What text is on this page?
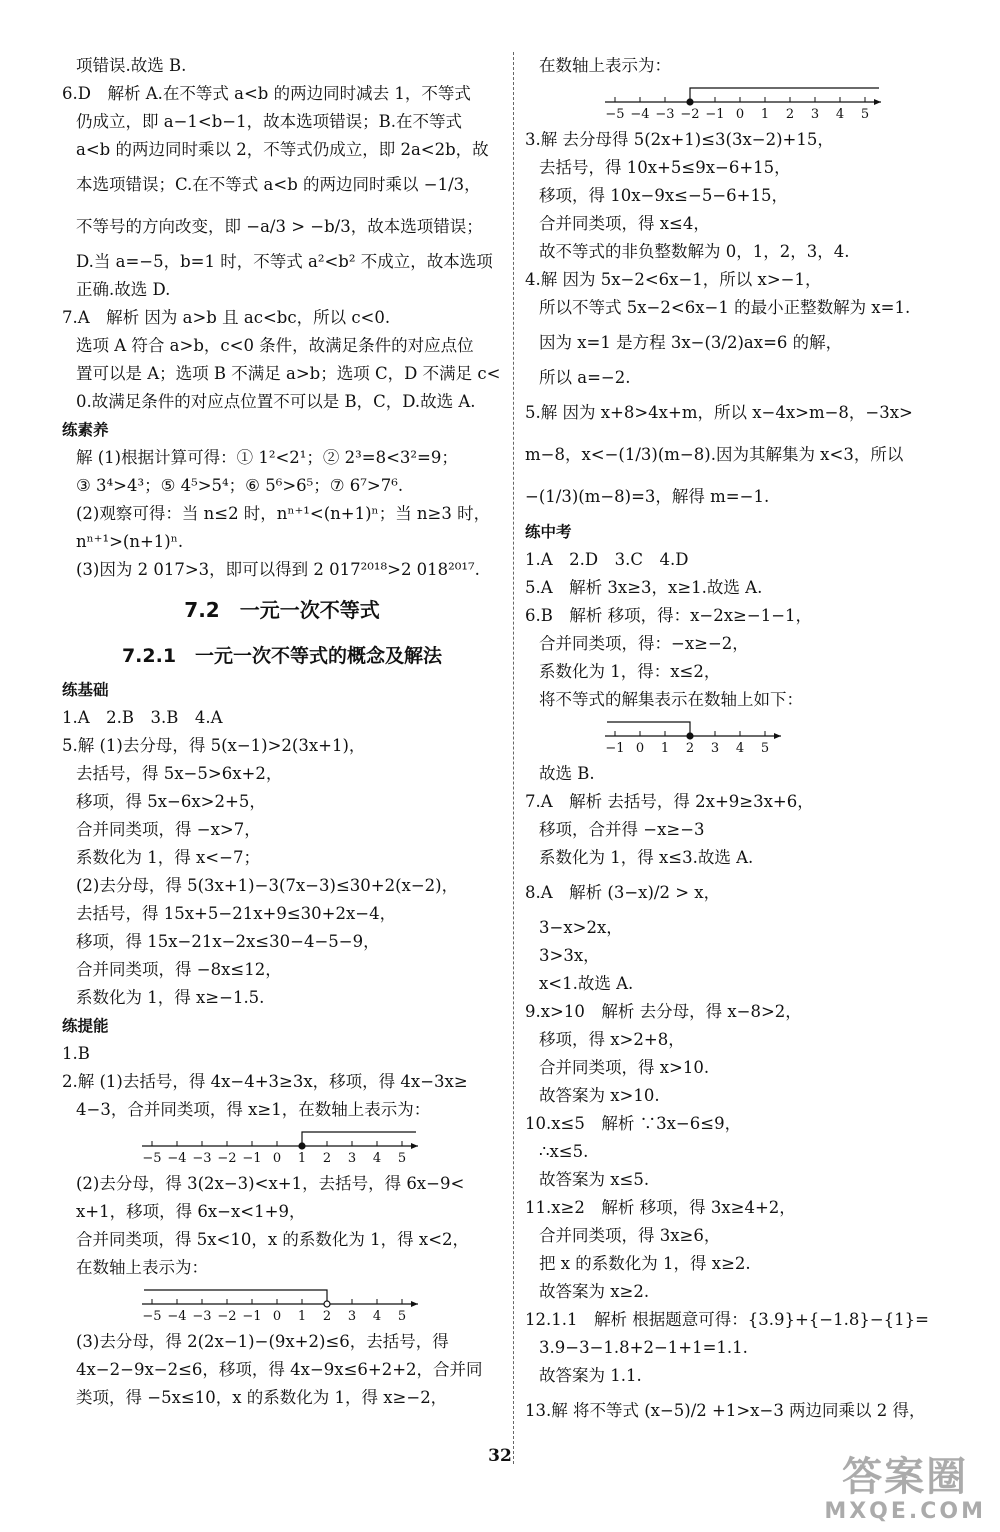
项错误.故选 B.
6.D　解析 A.在不等式 a<b 的两边同时减去 1，不等式
仍成立，即 a−1<b−1，故本选项错误；B.在不等式
a<b 的两边同时乘以 2，不等式仍成立，即 2a<2b，故
本选项错误；C.在不等式 a<b 的两边同时乘以 −1/3，
不等号的方向改变，即 −a/3 > −b/3，故本选项错误；
D.当 a=−5，b=1 时，不等式 a²<b² 不成立，故本选项
正确.故选 D.
7.A　解析 因为 a>b 且 ac<bc，所以 c<0.
选项 A 符合 a>b，c<0 条件，故满足条件的对应点位
置可以是 A；选项 B 不满足 a>b；选项 C，D 不满足 c<
0.故满足条件的对应点位置不可以是 B，C，D.故选 A.
练素养
解 (1)根据计算可得：① 1²<2¹；② 2³=8<3²=9；
③ 3⁴>4³；⑤ 4⁵>5⁴；⑥ 5⁶>6⁵；⑦ 6⁷>7⁶.
(2)观察可得：当 n≤2 时，nⁿ⁺¹<(n+1)ⁿ；当 n≥3 时，
nⁿ⁺¹>(n+1)ⁿ.
(3)因为 2 017>3，即可以得到 2 017²⁰¹⁸>2 018²⁰¹⁷.
7.2　一元一次不等式
7.2.1　一元一次不等式的概念及解法
练基础
1.A　2.B　3.B　4.A
5.解 (1)去分母，得 5(x−1)>2(3x+1)，
去括号，得 5x−5>6x+2，
移项，得 5x−6x>2+5，
合并同类项，得 −x>7，
系数化为 1，得 x<−7；
(2)去分母，得 5(3x+1)−3(7x−3)≤30+2(x−2)，
去括号，得 15x+5−21x+9≤30+2x−4，
移项，得 15x−21x−2x≤30−4−5−9，
合并同类项，得 −8x≤12，
系数化为 1，得 x≥−1.5.
练提能
1.B
2.解 (1)去括号，得 4x−4+3≥3x，移项，得 4x−3x≥
4−3，合并同类项，得 x≥1，在数轴上表示为：
−5 −4 −3 −2 −1 0 1 2 3 4 5
(2)去分母，得 3(2x−3)<x+1，去括号，得 6x−9<
x+1，移项，得 6x−x<1+9，
合并同类项，得 5x<10，x 的系数化为 1，得 x<2，
在数轴上表示为：
−5 −4 −3 −2 −1 0 1 2 3 4 5
(3)去分母，得 2(2x−1)−(9x+2)≤6，去括号，得
4x−2−9x−2≤6，移项，得 4x−9x≤6+2+2，合并同
类项，得 −5x≤10，x 的系数化为 1，得 x≥−2，
在数轴上表示为：
−5 −4 −3 −2 −1 0 1 2 3 4 5
3.解 去分母得 5(2x+1)≤3(3x−2)+15，
去括号，得 10x+5≤9x−6+15，
移项，得 10x−9x≤−5−6+15，
合并同类项，得 x≤4，
故不等式的非负整数解为 0，1，2，3，4.
4.解 因为 5x−2<6x−1，所以 x>−1，
所以不等式 5x−2<6x−1 的最小正整数解为 x=1.
因为 x=1 是方程 3x−(3/2)ax=6 的解，
所以 a=−2.
5.解 因为 x+8>4x+m，所以 x−4x>m−8，−3x>
m−8，x<−(1/3)(m−8).因为其解集为 x<3，所以
−(1/3)(m−8)=3，解得 m=−1.
练中考
1.A　2.D　3.C　4.D
5.A　解析 3x≥3，x≥1.故选 A.
6.B　解析 移项，得：x−2x≥−1−1，
合并同类项，得：−x≥−2，
系数化为 1，得：x≤2，
将不等式的解集表示在数轴上如下：
−1 0 1 2 3 4 5
故选 B.
7.A　解析 去括号，得 2x+9≥3x+6，
移项，合并得 −x≥−3
系数化为 1，得 x≤3.故选 A.
8.A　解析 (3−x)/2 > x，
3−x>2x，
3>3x，
x<1.故选 A.
9.x>10　解析 去分母，得 x−8>2，
移项，得 x>2+8，
合并同类项，得 x>10.
故答案为 x>10.
10.x≤5　解析 ∵3x−6≤9，
∴x≤5.
故答案为 x≤5.
11.x≥2　解析 移项，得 3x≥4+2，
合并同类项，得 3x≥6，
把 x 的系数化为 1，得 x≥2.
故答案为 x≥2.
12.1.1　解析 根据题意可得：{3.9}+{−1.8}−{1}=
3.9−3−1.8+2−1+1=1.1.
故答案为 1.1.
13.解 将不等式 (x−5)/2 +1>x−3 两边同乘以 2 得，
32	答案圈
MXQE.COM
